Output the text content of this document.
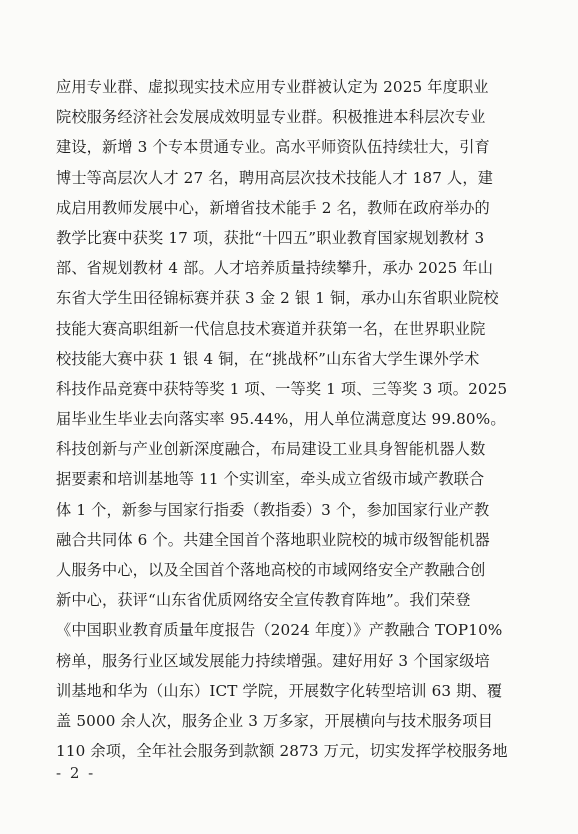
应用专业群、虚拟现实技术应用专业群被认定为 2025 年度职业
院校服务经济社会发展成效明显专业群。积极推进本科层次专业
建设，新增 3 个专本贯通专业。高水平师资队伍持续壮大，引育
博士等高层次人才 27 名，聘用高层次技术技能人才 187 人，建
成启用教师发展中心，新增省技术能手 2 名，教师在政府举办的
教学比赛中获奖 17 项，获批“十四五”职业教育国家规划教材 3
部、省规划教材 4 部。人才培养质量持续攀升，承办 2025 年山
东省大学生田径锦标赛并获 3 金 2 银 1 铜，承办山东省职业院校
技能大赛高职组新一代信息技术赛道并获第一名，在世界职业院
校技能大赛中获 1 银 4 铜，在“挑战杯”山东省大学生课外学术
科技作品竞赛中获特等奖 1 项、一等奖 1 项、三等奖 3 项。2025
届毕业生毕业去向落实率 95.44%，用人单位满意度达 99.80%。
科技创新与产业创新深度融合，布局建设工业具身智能机器人数
据要素和培训基地等 11 个实训室，牵头成立省级市域产教联合
体 1 个，新参与国家行指委（教指委）3 个，参加国家行业产教
融合共同体 6 个。共建全国首个落地职业院校的城市级智能机器
人服务中心，以及全国首个落地高校的市域网络安全产教融合创
新中心，获评“山东省优质网络安全宣传教育阵地”。我们荣登
《中国职业教育质量年度报告（2024 年度）》产教融合 TOP10%
榜单，服务行业区域发展能力持续增强。建好用好 3 个国家级培
训基地和华为（山东）ICT 学院，开展数字化转型培训 63 期、覆
盖 5000 余人次，服务企业 3 万多家，开展横向与技术服务项目
110 余项，全年社会服务到款额 2873 万元，切实发挥学校服务地
- 2 -
